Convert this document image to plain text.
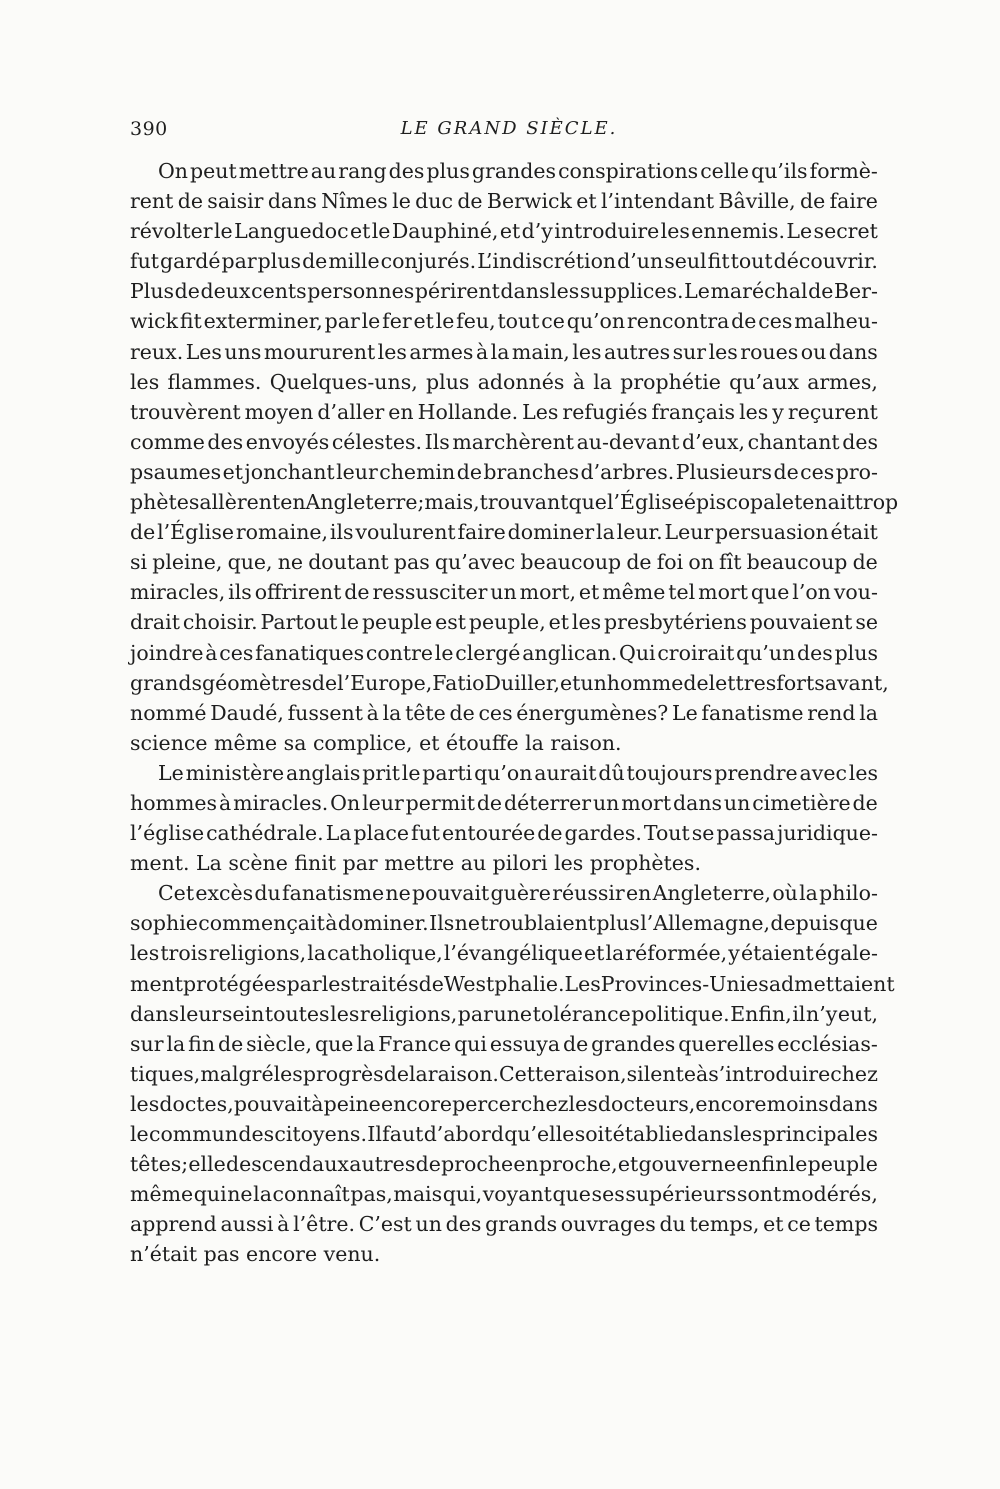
390	LE GRAND SIÈCLE.
On peut mettre au rang des plus grandes conspirations celle qu’ils formè-
rent de saisir dans Nîmes le duc de Berwick et l’intendant Bâville, de faire
révolter le Languedoc et le Dauphiné, et d’y introduire les ennemis. Le secret
fut gardé par plus de mille conjurés. L’indiscrétion d’un seul fit tout découvrir.
Plus de deux cents personnes périrent dans les supplices. Le maréchal de Ber-
wick fit exterminer, par le fer et le feu, tout ce qu’on rencontra de ces malheu-
reux. Les uns moururent les armes à la main, les autres sur les roues ou dans
les flammes. Quelques-uns, plus adonnés à la prophétie qu’aux armes,
trouvèrent moyen d’aller en Hollande. Les refugiés français les y reçurent
comme des envoyés célestes. Ils marchèrent au-devant d’eux, chantant des
psaumes et jonchant leur chemin de branches d’arbres. Plusieurs de ces pro-
phètes allèrent en Angleterre; mais, trouvant que l’Église épiscopale tenait trop
de l’Église romaine, ils voulurent faire dominer la leur. Leur persuasion était
si pleine, que, ne doutant pas qu’avec beaucoup de foi on fît beaucoup de
miracles, ils offrirent de ressusciter un mort, et même tel mort que l’on vou-
drait choisir. Partout le peuple est peuple, et les presbytériens pouvaient se
joindre à ces fanatiques contre le clergé anglican. Qui croirait qu’un des plus
grands géomètres de l’Europe, Fatio Duiller, et un homme de lettres fort savant,
nommé Daudé, fussent à la tête de ces énergumènes? Le fanatisme rend la
science même sa complice, et étouffe la raison.
Le ministère anglais prit le parti qu’on aurait dû toujours prendre avec les
hommes à miracles. On leur permit de déterrer un mort dans un cimetière de
l’église cathédrale. La place fut entourée de gardes. Tout se passa juridique-
ment. La scène finit par mettre au pilori les prophètes.
Cet excès du fanatisme ne pouvait guère réussir en Angleterre, où la philo-
sophie commençait à dominer. Ils ne troublaient plus l’Allemagne, depuis que
les trois religions, la catholique, l’évangélique et la réformée, y étaient égale-
ment protégées par les traités de Westphalie. Les Provinces-Unies admettaient
dans leur sein toutes les religions, par une tolérance politique. Enfin, il n’y eut,
sur la fin de siècle, que la France qui essuya de grandes querelles ecclésias-
tiques, malgré les progrès de la raison. Cette raison, si lente à s’introduire chez
les doctes, pouvait à peine encore percer chez les docteurs, encore moins dans
le commun des citoyens. Il faut d’abord qu’elle soit établie dans les principales
têtes; elle descend aux autres de proche en proche, et gouverne enfin le peuple
même qui ne la connaît pas, mais qui, voyant que ses supérieurs sont modérés,
apprend aussi à l’être. C’est un des grands ouvrages du temps, et ce temps
n’était pas encore venu.
